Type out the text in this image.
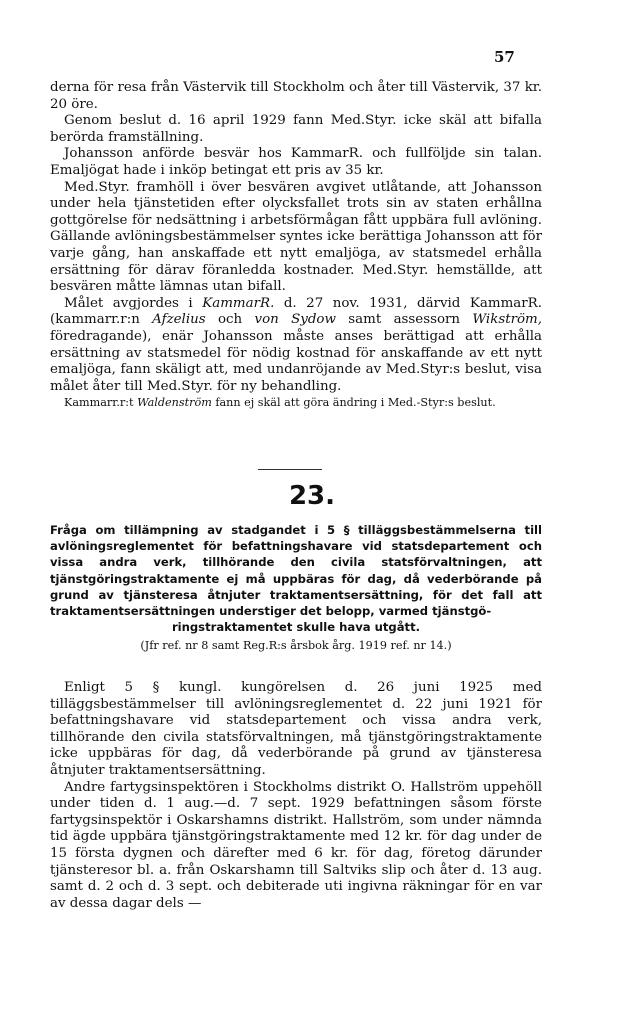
57

derna för resa från Västervik till Stockholm och åter till Västervik, 37 kr. 20 öre.

Genom beslut d. 16 april 1929 fann Med.Styr. icke skäl att bifalla berörda framställning.

Johansson anförde besvär hos KammarR. och fullföljde sin talan. Emaljögat hade i inköp betingat ett pris av 35 kr.

Med.Styr. framhöll i över besvären avgivet utlåtande, att Johansson under hela tjänstetiden efter olycksfallet trots sin av staten erhållna gottgörelse för nedsättning i arbetsförmågan fått uppbära full avlöning. Gällande avlöningsbestämmelser syntes icke berättiga Johansson att för varje gång, han anskaffade ett nytt emaljöga, av statsmedel erhålla ersättning för därav föranledda kostnader. Med.Styr. hemställde, att besvären måtte lämnas utan bifall.

Målet avgjordes i KammarR. d. 27 nov. 1931, därvid KammarR. (kammarr.r:n Afzelius och von Sydow samt assessorn Wikström, föredragande), enär Johansson måste anses berättigad att erhålla ersättning av statsmedel för nödig kostnad för anskaffande av ett nytt emaljöga, fann skäligt att, med undanröjande av Med.Styr:s beslut, visa målet åter till Med.Styr. för ny behandling.

Kammarr.r:t Waldenström fann ej skäl att göra ändring i Med.-Styr:s beslut.

23.

Fråga om tillämpning av stadgandet i 5 § tilläggsbestämmelserna till avlöningsreglementet för befattningshavare vid statsdepartement och vissa andra verk, tillhörande den civila statsförvaltningen, att tjänstgöringstraktamente ej må uppbäras för dag, då vederbörande på grund av tjänsteresa åtnjuter traktamentsersättning, för det fall att traktamentsersättningen understiger det belopp, varmed tjänstgö-
ringstraktamentet skulle hava utgått.

(Jfr ref. nr 8 samt Reg.R:s årsbok årg. 1919 ref. nr 14.)

Enligt 5 § kungl. kungörelsen d. 26 juni 1925 med tilläggsbestämmelser till avlöningsreglementet d. 22 juni 1921 för befattningshavare vid statsdepartement och vissa andra verk, tillhörande den civila statsförvaltningen, må tjänstgöringstraktamente icke uppbäras för dag, då vederbörande på grund av tjänsteresa åtnjuter traktamentsersättning.

Andre fartygsinspektören i Stockholms distrikt O. Hallström uppehöll under tiden d. 1 aug.—d. 7 sept. 1929 befattningen såsom förste fartygsinspektör i Oskarshamns distrikt. Hallström, som under nämnda tid ägde uppbära tjänstgöringstraktamente med 12 kr. för dag under de 15 första dygnen och därefter med 6 kr. för dag, företog därunder tjänsteresor bl. a. från Oskarshamn till Saltviks slip och åter d. 13 aug. samt d. 2 och d. 3 sept. och debiterade uti ingivna räkningar för en var av dessa dagar dels —
